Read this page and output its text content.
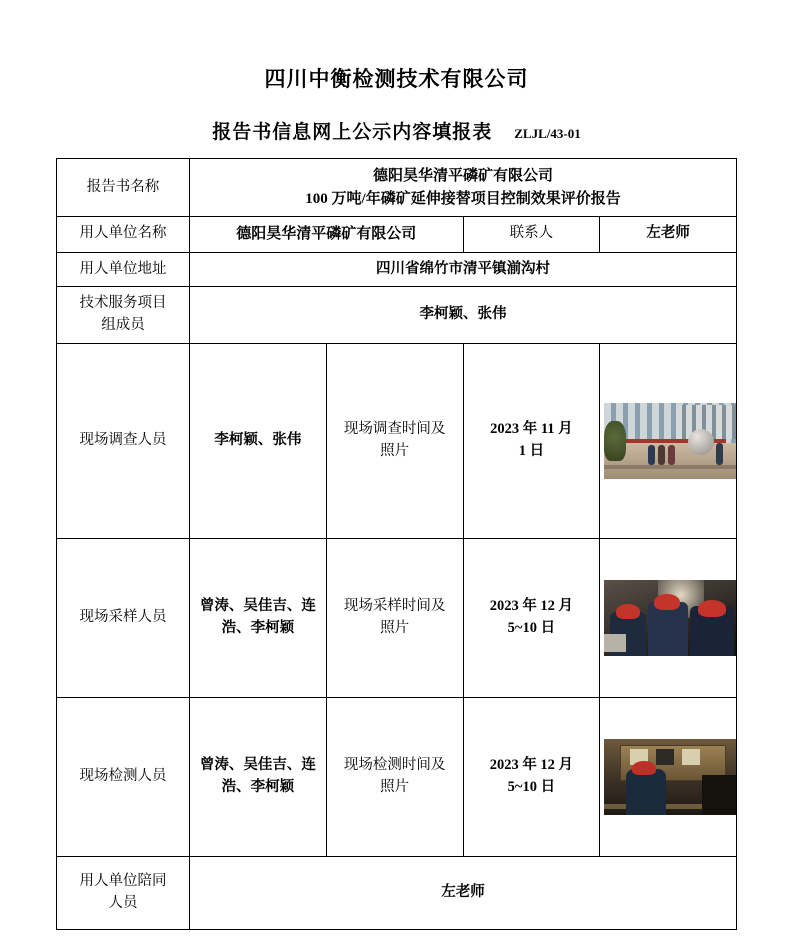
四川中衡检测技术有限公司
报告书信息网上公示内容填报表 ZLJL/43-01
报告书名称	德阳昊华清平磷矿有限公司
100 万吨/年磷矿延伸接替项目控制效果评价报告			

用人单位名称	德阳昊华清平磷矿有限公司		联系人	左老师
用人单位地址	四川省绵竹市清平镇湔沟村			

技术服务项目
组成员	李柯颖、张伟			
现场调查人员	李柯颖、张伟	现场调查时间及
照片	2023 年 11 月
1 日	

现场采样人员	曾涛、吴佳吉、连浩、李柯颖	现场采样时间及
照片	2023 年 12 月
5~10 日	

现场检测人员	曾涛、吴佳吉、连浩、李柯颖	现场检测时间及
照片	2023 年 12 月
5~10 日	

用人单位陪同
人员	左老师			
